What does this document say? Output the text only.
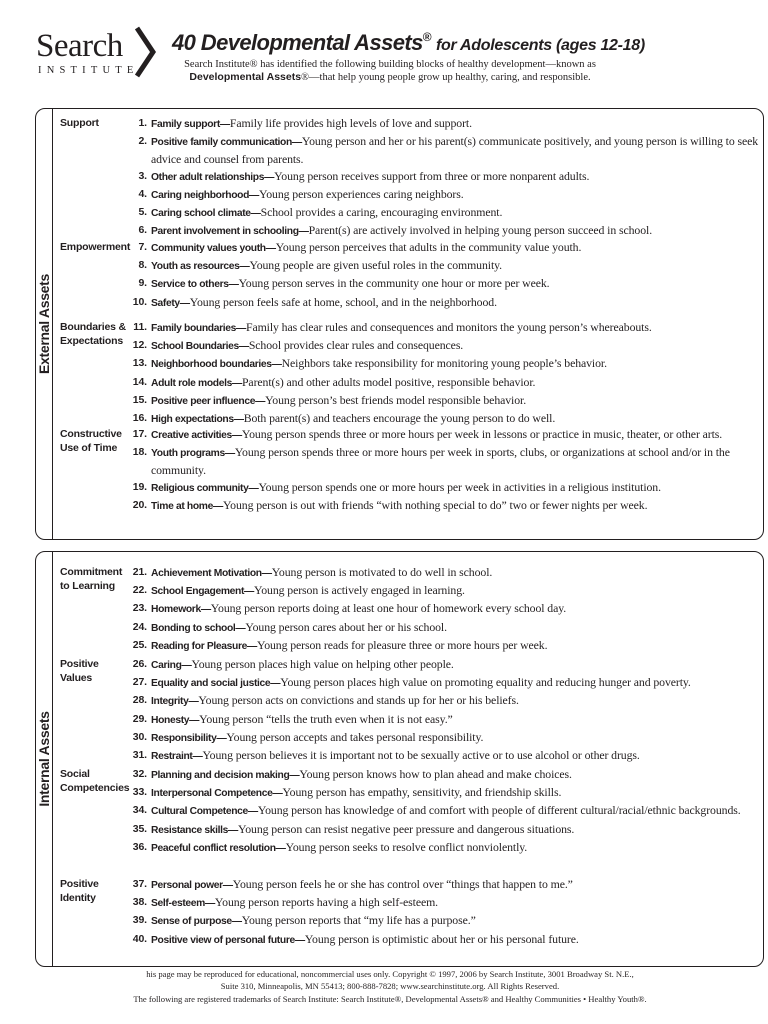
Search
INSTITUTE
40 Developmental Assets® for Adolescents (ages 12-18)
Search Institute® has identified the following building blocks of healthy development—known as
Developmental Assets®—that help young people grow up healthy, caring, and responsible.
External Assets
Support	1. Family support—Family life provides high levels of love and support.
2. Positive family communication—Young person and her or his parent(s) communicate positively, and young person is willing to seek advice and counsel from parents.
3. Other adult relationships—Young person receives support from three or more nonparent adults.
4. Caring neighborhood—Young person experiences caring neighbors.
5. Caring school climate—School provides a caring, encouraging environment.
6. Parent involvement in schooling—Parent(s) are actively involved in helping young person succeed in school.
Empowerment 7. Community values youth—Young person perceives that adults in the community value youth.
8. Youth as resources—Young people are given useful roles in the community.
9. Service to others—Young person serves in the community one hour or more per week.
10. Safety—Young person feels safe at home, school, and in the neighborhood.
Boundaries & Expectations
11. Family boundaries—Family has clear rules and consequences and monitors the young person’s whereabouts.
12. School Boundaries—School provides clear rules and consequences.
13. Neighborhood boundaries—Neighbors take responsibility for monitoring young people’s behavior.
14. Adult role models—Parent(s) and other adults model positive, responsible behavior.
15. Positive peer influence—Young person’s best friends model responsible behavior.
16. High expectations—Both parent(s) and teachers encourage the young person to do well.
Constructive Use of Time
17. Creative activities—Young person spends three or more hours per week in lessons or practice in music, theater, or other arts.
18. Youth programs—Young person spends three or more hours per week in sports, clubs, or organizations at school and/or in the community.
19. Religious community—Young person spends one or more hours per week in activities in a religious institution.
20. Time at home—Young person is out with friends “with nothing special to do” two or fewer nights per week.
Internal Assets
Commitment to Learning
21. Achievement Motivation—Young person is motivated to do well in school.
22. School Engagement—Young person is actively engaged in learning.
23. Homework—Young person reports doing at least one hour of homework every school day.
24. Bonding to school—Young person cares about her or his school.
25. Reading for Pleasure—Young person reads for pleasure three or more hours per week.
Positive Values
26. Caring—Young person places high value on helping other people.
27. Equality and social justice—Young person places high value on promoting equality and reducing hunger and poverty.
28. Integrity—Young person acts on convictions and stands up for her or his beliefs.
29. Honesty—Young person “tells the truth even when it is not easy.”
30. Responsibility—Young person accepts and takes personal responsibility.
31. Restraint—Young person believes it is important not to be sexually active or to use alcohol or other drugs.
Social Competencies
32. Planning and decision making—Young person knows how to plan ahead and make choices.
33. Interpersonal Competence—Young person has empathy, sensitivity, and friendship skills.
34. Cultural Competence—Young person has knowledge of and comfort with people of different cultural/racial/ethnic backgrounds.
35. Resistance skills—Young person can resist negative peer pressure and dangerous situations.
36. Peaceful conflict resolution—Young person seeks to resolve conflict nonviolently.
Positive Identity
37. Personal power—Young person feels he or she has control over “things that happen to me.”
38. Self-esteem—Young person reports having a high self-esteem.
39. Sense of purpose—Young person reports that “my life has a purpose.”
40. Positive view of personal future—Young person is optimistic about her or his personal future.
his page may be reproduced for educational, noncommercial uses only. Copyright © 1997, 2006 by Search Institute, 3001 Broadway St. N.E.,
Suite 310, Minneapolis, MN 55413; 800-888-7828; www.searchinstitute.org. All Rights Reserved.
The following are registered trademarks of Search Institute: Search Institute®, Developmental Assets® and Healthy Communities • Healthy Youth®.
